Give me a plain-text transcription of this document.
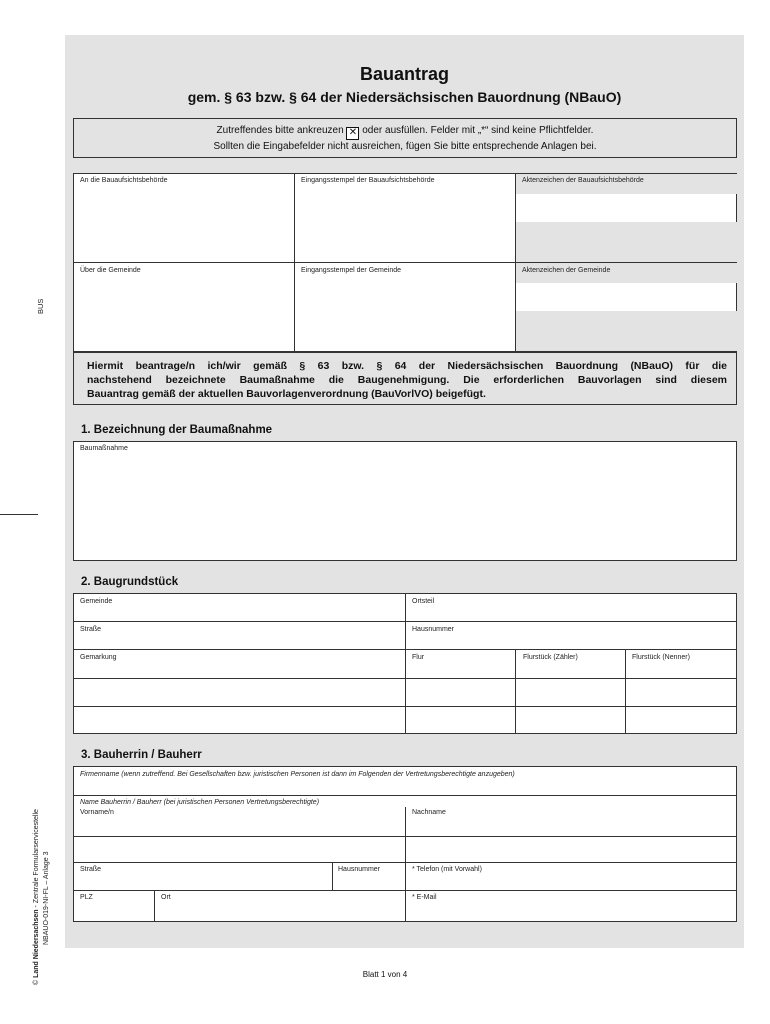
BUS
© Land Niedersachsen - Zentrale Formularservicestelle NBAUO-019-NI-FL – Anlage 3
Bauantrag
gem. § 63 bzw. § 64 der Niedersächsischen Bauordnung (NBauO)
Zutreffendes bitte ankreuzen ✕ oder ausfüllen. Felder mit „*“ sind keine Pflichtfelder.
Sollten die Eingabefelder nicht ausreichen, fügen Sie bitte entsprechende Anlagen bei.
An die Bauaufsichtsbehörde	Eingangsstempel der Bauaufsichtsbehörde	Aktenzeichen der Bauaufsichtsbehörde
Über die Gemeinde	Eingangsstempel der Gemeinde	Aktenzeichen der Gemeinde
Hiermit beantrage/n ich/wir gemäß § 63 bzw. § 64 der Niedersächsischen Bauordnung (NBauO) für die
nachstehend bezeichnete Baumaßnahme die Baugenehmigung. Die erforderlichen Bauvorlagen sind diesem
Bauantrag gemäß der aktuellen Bauvorlagenverordnung (BauVorlVO) beigefügt.
1. Bezeichnung der Baumaßnahme
Baumaßnahme
2. Baugrundstück
Gemeinde	Ortsteil
Straße	Hausnummer
Gemarkung	Flur	Flurstück (Zähler)	Flurstück (Nenner)
3. Bauherrin / Bauherr
Firmenname (wenn zutreffend. Bei Gesellschaften bzw. juristischen Personen ist dann im Folgenden der Vertretungsberechtigte anzugeben)
Name Bauherrin / Bauherr (bei juristischen Personen Vertretungsberechtigte)
Vorname/n	Nachname
Straße	Hausnummer	* Telefon (mit Vorwahl)
PLZ	Ort	* E-Mail
Blatt 1 von 4
